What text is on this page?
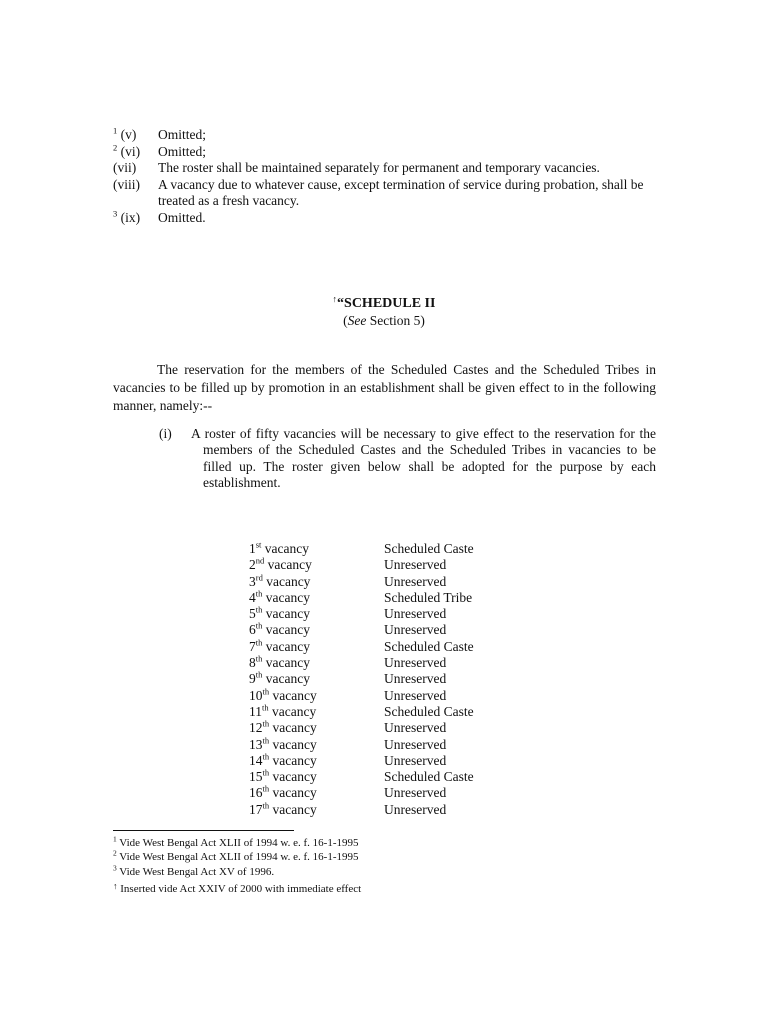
$^1$ (v)	Omitted;
$^2$ (vi)	Omitted;
(vii)	The roster shall be maintained separately for permanent and temporary vacancies.
(viii)	A vacancy due to whatever cause, except termination of service during probation, shall be treated as a fresh vacancy.
$^3$ (ix)	Omitted.
↑“SCHEDULE II
(See Section 5)
The reservation for the members of the Scheduled Castes and the Scheduled Tribes in vacancies to be filled up by promotion in an establishment shall be given effect to in the following manner, namely:--
(i) A roster of fifty vacancies will be necessary to give effect to the reservation for the members of the Scheduled Castes and the Scheduled Tribes in vacancies to be filled up. The roster given below shall be adopted for the purpose by each establishment.
1st vacancy	Scheduled Caste
2nd vacancy	Unreserved
3rd vacancy	Unreserved
4th vacancy	Scheduled Tribe
5th vacancy	Unreserved
6th vacancy	Unreserved
7th vacancy	Scheduled Caste
8th vacancy	Unreserved
9th vacancy	Unreserved
10th vacancy	Unreserved
11th vacancy	Scheduled Caste
12th vacancy	Unreserved
13th vacancy	Unreserved
14th vacancy	Unreserved
15th vacancy	Scheduled Caste
16th vacancy	Unreserved
17th vacancy	Unreserved
$^1$ Vide West Bengal Act XLII of 1994 w. e. f. 16-1-1995
$^2$ Vide West Bengal Act XLII of 1994 w. e. f. 16-1-1995
$^3$ Vide West Bengal Act XV of 1996.
↑ Inserted vide Act XXIV of 2000 with immediate effect
